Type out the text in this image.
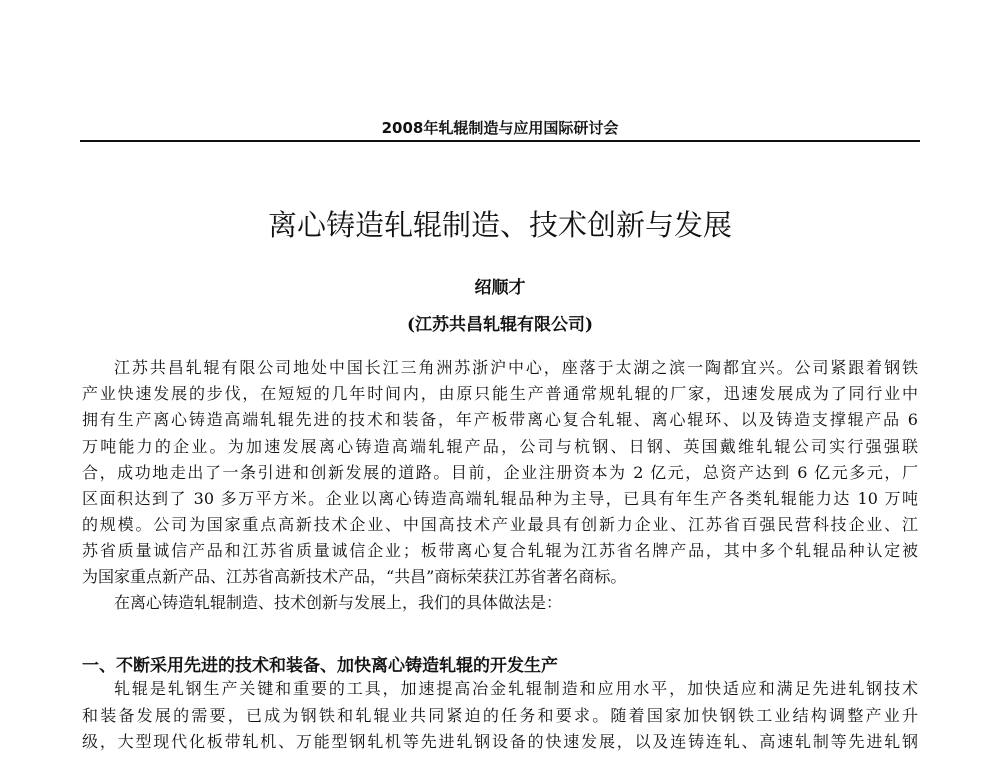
2008年轧辊制造与应用国际研讨会
离心铸造轧辊制造、技术创新与发展
绍顺才
(江苏共昌轧辊有限公司)
江苏共昌轧辊有限公司地处中国长江三角洲苏浙沪中心，座落于太湖之滨一陶都宜兴。公司紧跟着钢铁
产业快速发展的步伐，在短短的几年时间内，由原只能生产普通常规轧辊的厂家，迅速发展成为了同行业中
拥有生产离心铸造高端轧辊先进的技术和装备，年产板带离心复合轧辊、离心辊环、以及铸造支撑辊产品 6
万吨能力的企业。为加速发展离心铸造高端轧辊产品，公司与杭钢、日钢、英国戴维轧辊公司实行强强联
合，成功地走出了一条引进和创新发展的道路。目前，企业注册资本为 2 亿元，总资产达到 6 亿元多元，厂
区面积达到了 30 多万平方米。企业以离心铸造高端轧辊品种为主导，已具有年生产各类轧辊能力达 10 万吨
的规模。公司为国家重点高新技术企业、中国高技术产业最具有创新力企业、江苏省百强民营科技企业、江
苏省质量诚信产品和江苏省质量诚信企业；板带离心复合轧辊为江苏省名牌产品，其中多个轧辊品种认定被
为国家重点新产品、江苏省高新技术产品，“共昌”商标荣获江苏省著名商标。
在离心铸造轧辊制造、技术创新与发展上，我们的具体做法是：
一、不断采用先进的技术和装备、加快离心铸造轧辊的开发生产
轧辊是轧钢生产关键和重要的工具，加速提高冶金轧辊制造和应用水平，加快适应和满足先进轧钢技术
和装备发展的需要，已成为钢铁和轧辊业共同紧迫的任务和要求。随着国家加快钢铁工业结构调整产业升
级，大型现代化板带轧机、万能型钢轧机等先进轧钢设备的快速发展，以及连铸连轧、高速轧制等先进轧钢
